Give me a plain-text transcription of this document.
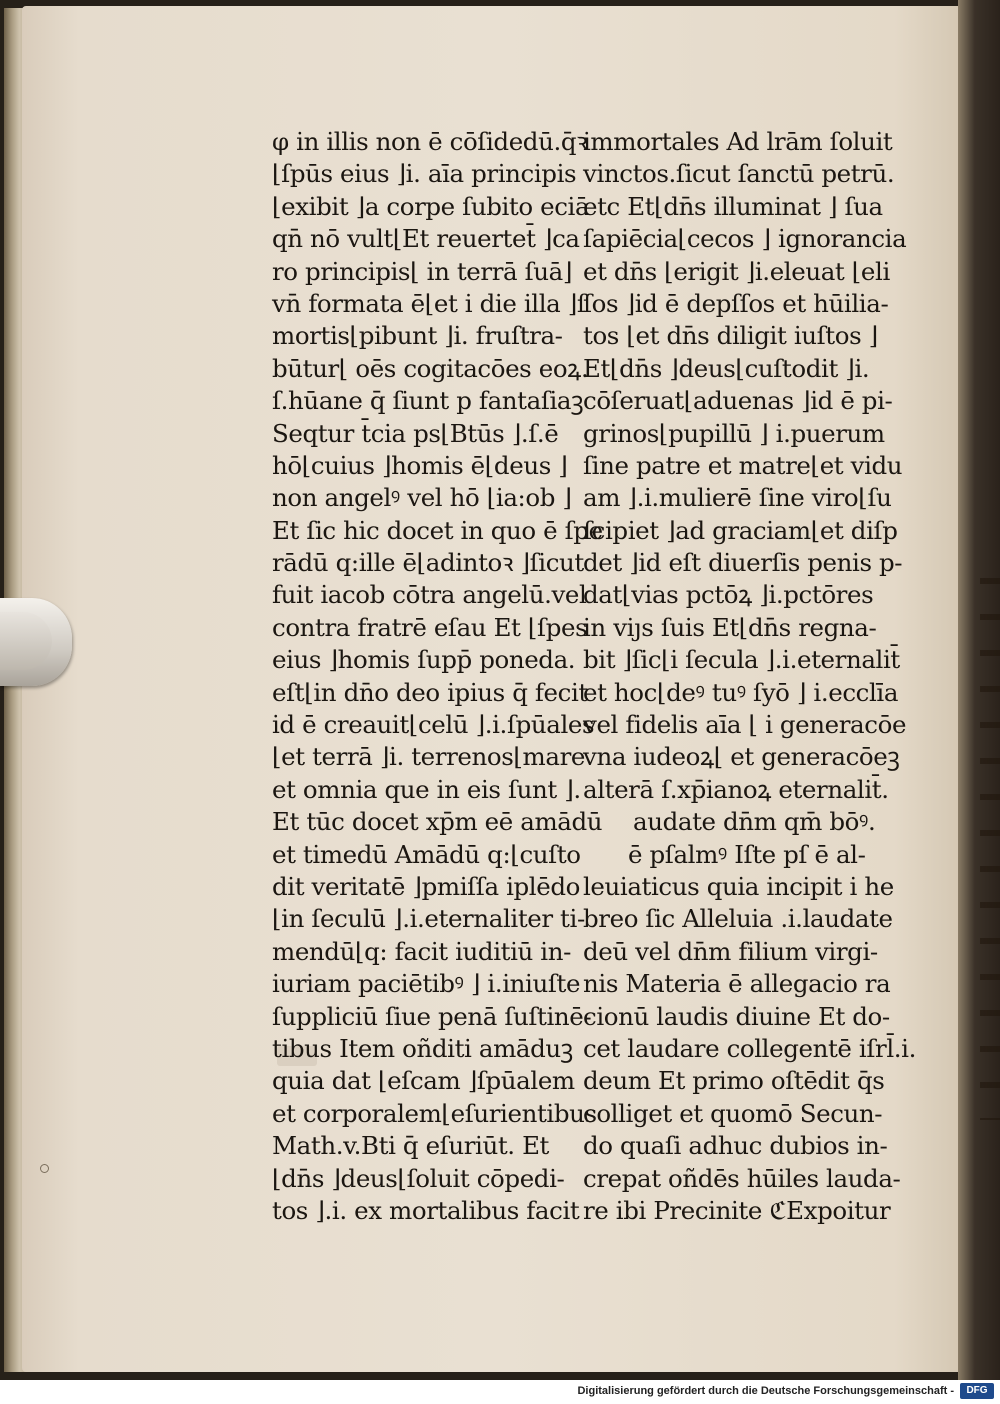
φ in illis non ē cōſidedū.q̄ꝛ
⌊ſpūs eius ⌋i. aīa principis
⌊exibit ⌋a corpe ſubito eciā
qn̄ nō vult⌊Et reuertet̄ ⌋ca
ro principis⌊ in terrā ſuā⌋
vn̄ formata ē⌊et i die illa ⌋ſ
mortis⌊pibunt ⌋i. fruſtra-
būtur⌊ oēs cogitacōes eoꝝ.
ſ.hūane q̄ ſiunt p fantaſiaꝫ
Seqtur t̄cia ps⌊Btūs ⌋.ſ.ē
hō⌊cuius ⌋homis ē⌊deus ⌋
non angelꝰ vel hō ⌊ia:ob ⌋
Et ſic hic docet in quo ē ſpe
rādū q:ille ē⌊adintoꝛ ⌋ſicut
fuit iacob cōtra angelū.vel
contra fratrē eſau Et ⌊ſpes
eius ⌋homis ſupp̄ poneda.
eſt⌊in dn̄o deo ipius q̄ fecit
id ē creauit⌊celū ⌋.i.ſpūales
⌊et terrā ⌋i. terrenos⌊mare
et omnia que in eis ſunt ⌋.
Et tūc docet xp̄m eē amādū
et timedū Amādū q:⌊cuſto
dit veritatē ⌋pmiſſa iplēdo
⌊in ſeculū ⌋.i.eternaliter ti-
mendū⌊q: facit iuditiū in-
iuriam paciētibꝰ ⌋ i.iniuſte
ſuppliciū ſiue penā ſuſtinē-
tibus Item oñditi amāduꝫ
quia dat ⌊eſcam ⌋ſpūalem
et corporalem⌊eſurientibus
Math.v.Bti q̄ eſuriūt. Et
⌊dn̄s ⌋deus⌊ſoluit cōpedi-
tos ⌋.i. ex mortalibus facit
immortales Ad lrām ſoluit
vinctos.ſicut ſanctū petrū.
etc Et⌊dn̄s illuminat ⌋ ſua
ſapiēcia⌊cecos ⌋ ignorancia
et dn̄s ⌊erigit ⌋i.eleuat ⌊eli
ſos ⌋id ē depſſos et hūilia-
tos ⌊et dn̄s diligit iuſtos ⌋
Et⌊dn̄s ⌋deus⌊cuſtodit ⌋i.
cōſeruat⌊aduenas ⌋id ē pi-
grinos⌊pupillū ⌋ i.puerum
ſine patre et matre⌊et vidu
am ⌋.i.mulierē ſine viro⌊ſu
ſcipiet ⌋ad graciam⌊et diſp
det ⌋id eſt diuerſis penis p-
dat⌊vias pctōꝝ ⌋i.pctōres
in viȷs ſuis Et⌊dn̄s regna-
bit ⌋ſic⌊i ſecula ⌋.i.eternalit̄
et hoc⌊deꝰ tuꝰ ſyō ⌋ i.ecclīa
vel fidelis aīa ⌊ i generacōe
vna iudeoꝝ⌊ et generacōeꝫ
alterā ſ.xp̄ianoꝝ eternalit̄.
audate dn̄m qm̄ bōꝰ.
ē pſalmꝰ Iſte pſ ē al-
leuiaticus quia incipit i he
breo ſic Alleluia .i.laudate
deū vel dn̄m filium virgi-
nis Materia ē allegacio ra
cionū laudis diuine Et do-
cet laudare collegentē iſrl̄.i.
deum Et primo oſtēdit q̄s
colliget et quomō Secun-
do quaſi adhuc dubios in-
crepat oñdēs hūiles lauda-
re ibi Precinite ℭExpoitur
Digitalisierung gefördert durch die Deutsche Forschungsgemeinschaft -	DFG
